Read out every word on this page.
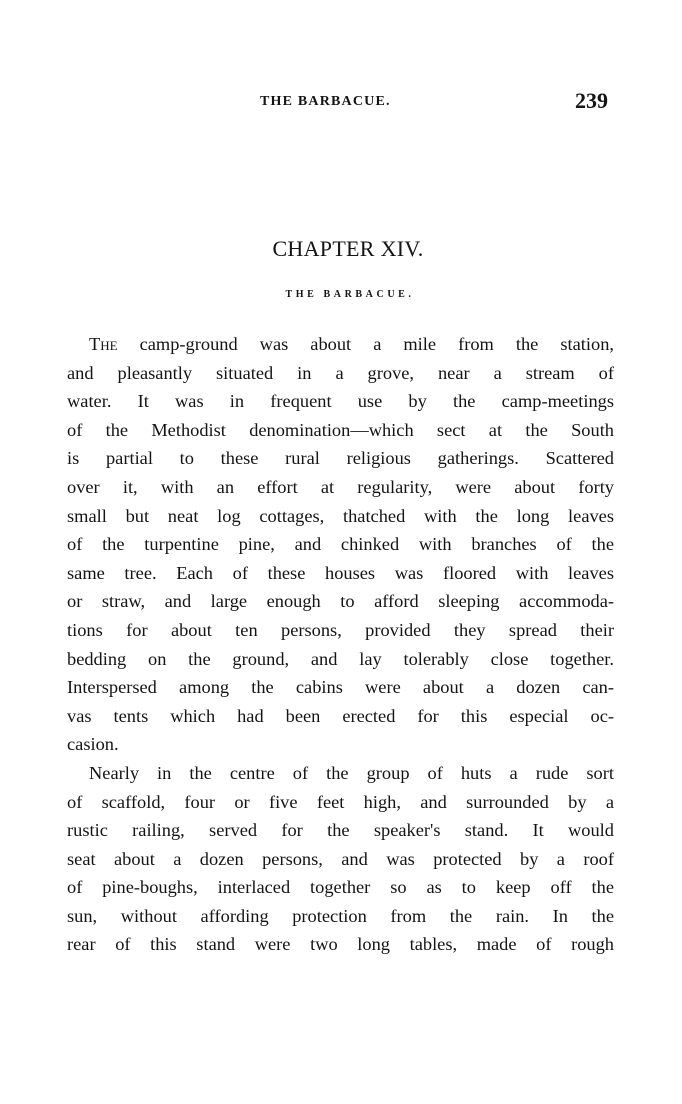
THE BARBACUE.	239
CHAPTER XIV.
THE BARBACUE.
The camp-ground was about a mile from the station,
and pleasantly situated in a grove, near a stream of
water. It was in frequent use by the camp-meetings
of the Methodist denomination—which sect at the South
is partial to these rural religious gatherings. Scattered
over it, with an effort at regularity, were about forty
small but neat log cottages, thatched with the long leaves
of the turpentine pine, and chinked with branches of the
same tree. Each of these houses was floored with leaves
or straw, and large enough to afford sleeping accommoda-
tions for about ten persons, provided they spread their
bedding on the ground, and lay tolerably close together.
Interspersed among the cabins were about a dozen can-
vas tents which had been erected for this especial oc-
casion.
Nearly in the centre of the group of huts a rude sort
of scaffold, four or five feet high, and surrounded by a
rustic railing, served for the speaker's stand. It would
seat about a dozen persons, and was protected by a roof
of pine-boughs, interlaced together so as to keep off the
sun, without affording protection from the rain. In the
rear of this stand were two long tables, made of rough
